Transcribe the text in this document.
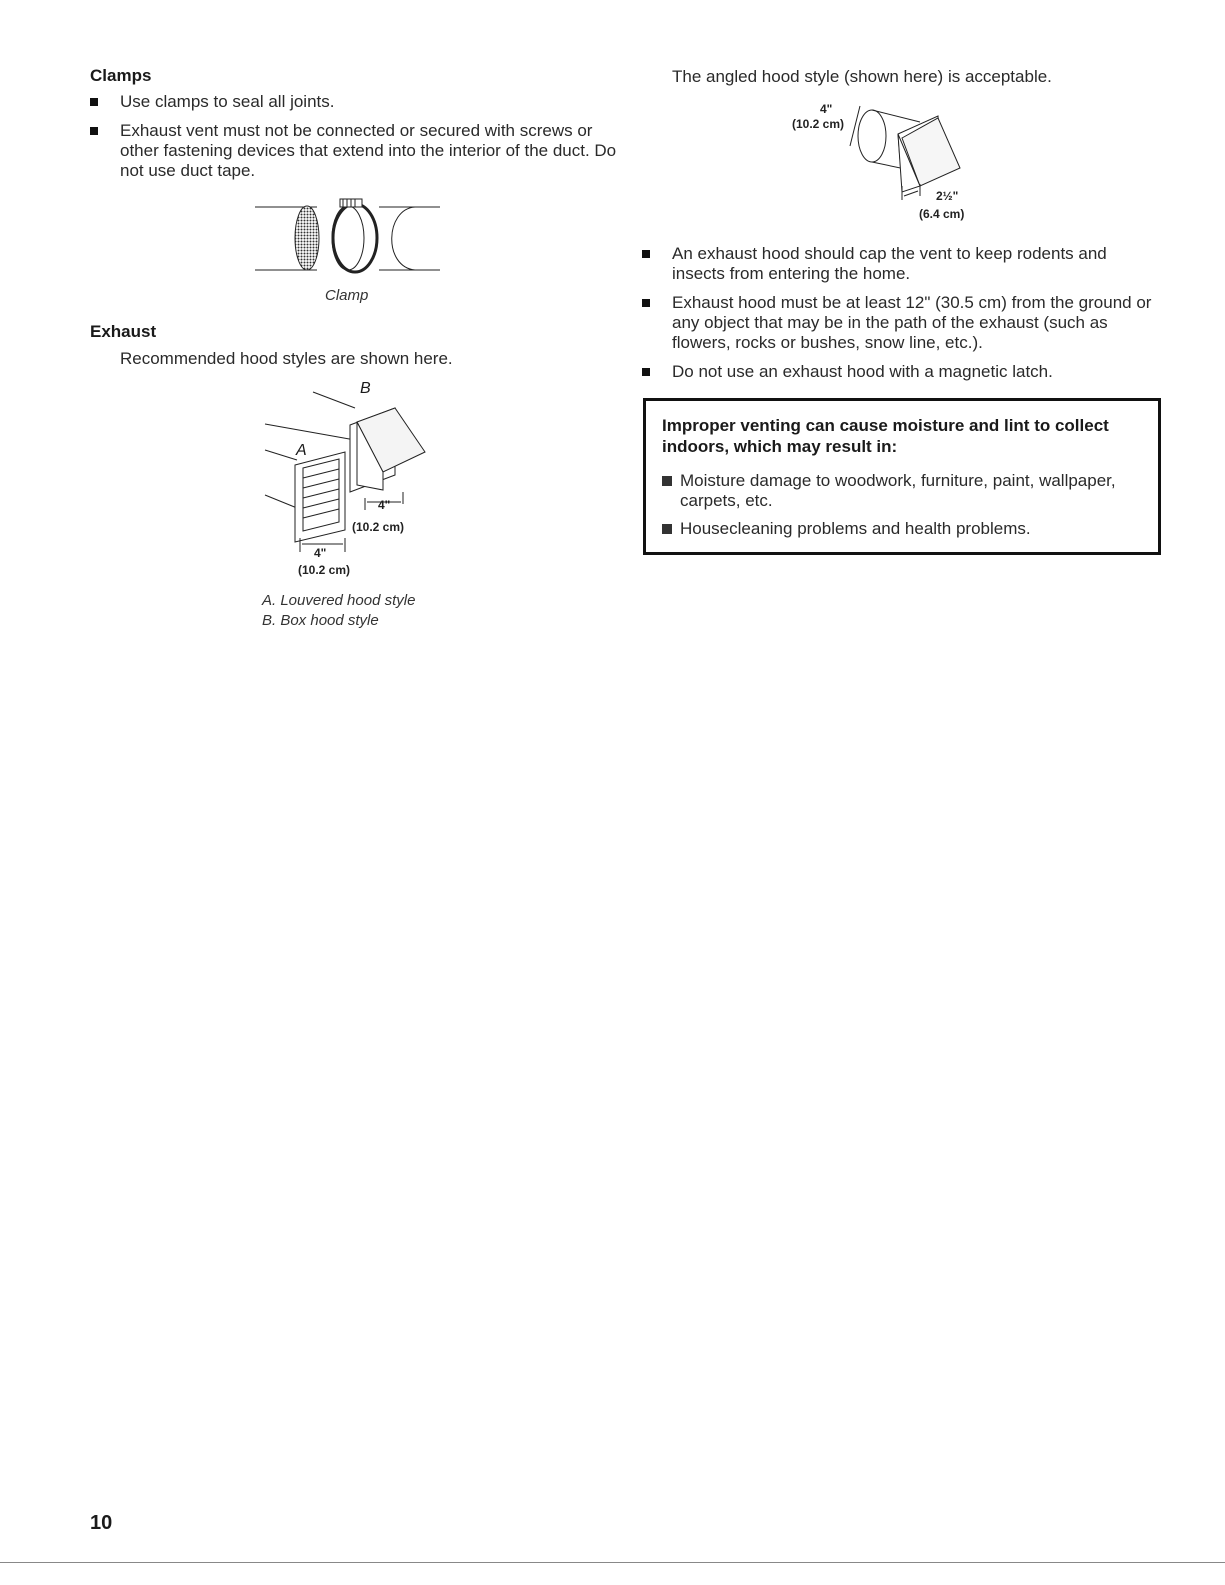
Clamps
Use clamps to seal all joints.
Exhaust vent must not be connected or secured with screws or other fastening devices that extend into the interior of the duct. Do not use duct tape.
Clamp
Exhaust
Recommended hood styles are shown here.
B
A
4"
(10.2 cm)
4"
(10.2 cm)
A. Louvered hood style
B. Box hood style
The angled hood style (shown here) is acceptable.
4"
(10.2 cm)
2½"
(6.4 cm)
An exhaust hood should cap the vent to keep rodents and insects from entering the home.
Exhaust hood must be at least 12" (30.5 cm) from the ground or any object that may be in the path of the exhaust (such as flowers, rocks or bushes, snow line, etc.).
Do not use an exhaust hood with a magnetic latch.
Improper venting can cause moisture and lint to collect indoors, which may result in:
Moisture damage to woodwork, furniture, paint, wallpaper, carpets, etc.
Housecleaning problems and health problems.
10
